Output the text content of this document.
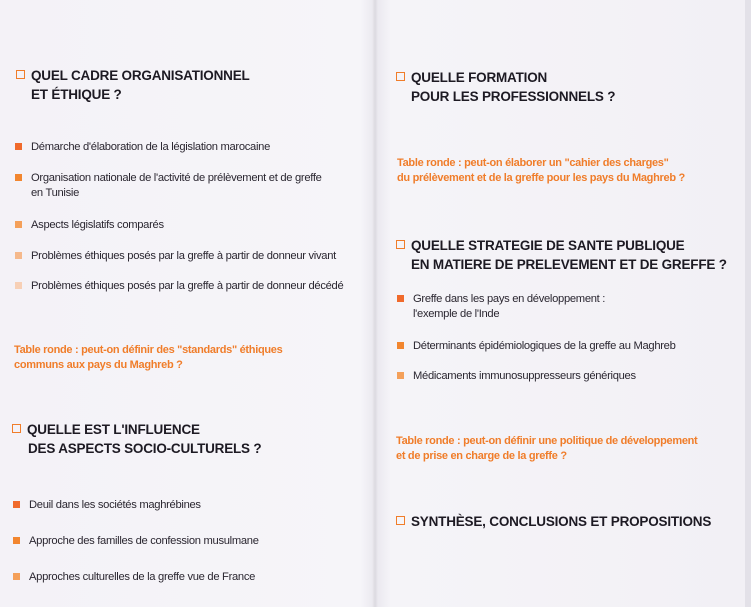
QUEL CADRE ORGANISATIONNEL
ET ÉTHIQUE ?
Démarche d'élaboration de la législation marocaine
Organisation nationale de l'activité de prélèvement et de greffe
en Tunisie
Aspects législatifs comparés
Problèmes éthiques posés par la greffe à partir de donneur vivant
Problèmes éthiques posés par la greffe à partir de donneur décédé
Table ronde : peut-on définir des "standards" éthiques
communs aux pays du Maghreb ?
QUELLE EST L'INFLUENCE
DES ASPECTS SOCIO-CULTURELS ?
Deuil dans les sociétés maghrébines
Approche des familles de confession musulmane
Approches culturelles de la greffe vue de France
QUELLE FORMATION
POUR LES PROFESSIONNELS ?
Table ronde : peut-on élaborer un "cahier des charges"
du prélèvement et de la greffe pour les pays du Maghreb ?
QUELLE STRATEGIE DE SANTE PUBLIQUE
EN MATIERE DE PRELEVEMENT ET DE GREFFE ?
Greffe dans les pays en développement :
l'exemple de l'Inde
Déterminants épidémiologiques de la greffe au Maghreb
Médicaments immunosuppresseurs génériques
Table ronde : peut-on définir une politique de développement
et de prise en charge de la greffe ?
SYNTHÈSE, CONCLUSIONS ET PROPOSITIONS
